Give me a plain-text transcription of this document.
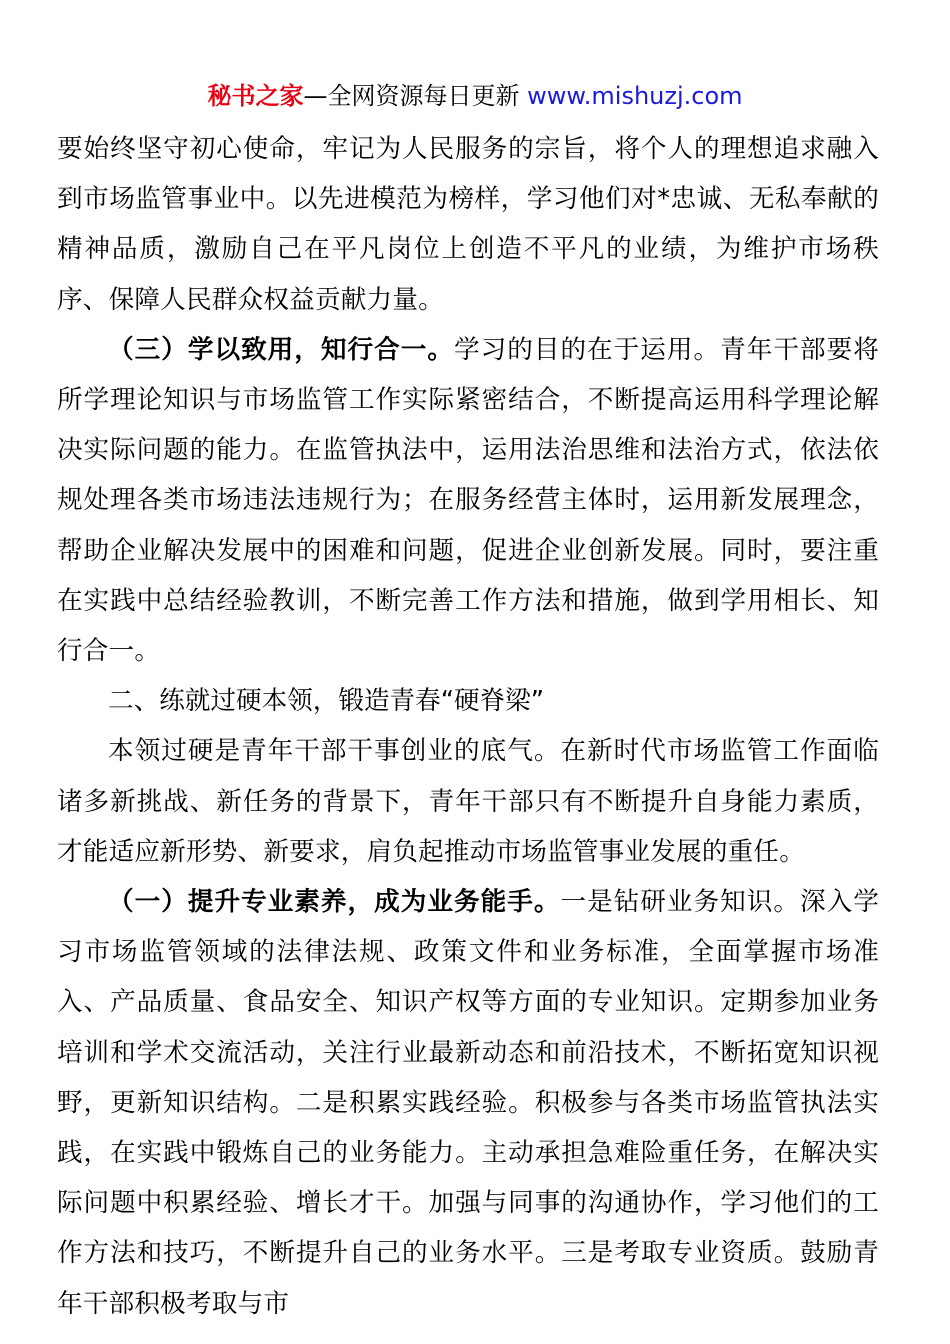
秘书之家—全网资源每日更新 www.mishuzj.com

要始终坚守初心使命，牢记为人民服务的宗旨，将个人的理想追求融入到市场监管事业中。以先进模范为榜样，学习他们对*忠诚、无私奉献的精神品质，激励自己在平凡岗位上创造不平凡的业绩，为维护市场秩序、保障人民群众权益贡献力量。

（三）学以致用，知行合一。学习的目的在于运用。青年干部要将所学理论知识与市场监管工作实际紧密结合，不断提高运用科学理论解决实际问题的能力。在监管执法中，运用法治思维和法治方式，依法依规处理各类市场违法违规行为；在服务经营主体时，运用新发展理念，帮助企业解决发展中的困难和问题，促进企业创新发展。同时，要注重在实践中总结经验教训，不断完善工作方法和措施，做到学用相长、知行合一。

二、练就过硬本领，锻造青春“硬脊梁”

本领过硬是青年干部干事创业的底气。在新时代市场监管工作面临诸多新挑战、新任务的背景下，青年干部只有不断提升自身能力素质，才能适应新形势、新要求，肩负起推动市场监管事业发展的重任。

（一）提升专业素养，成为业务能手。一是钻研业务知识。深入学习市场监管领域的法律法规、政策文件和业务标准，全面掌握市场准入、产品质量、食品安全、知识产权等方面的专业知识。定期参加业务培训和学术交流活动，关注行业最新动态和前沿技术，不断拓宽知识视野，更新知识结构。二是积累实践经验。积极参与各类市场监管执法实践，在实践中锻炼自己的业务能力。主动承担急难险重任务，在解决实际问题中积累经验、增长才干。加强与同事的沟通协作，学习他们的工作方法和技巧，不断提升自己的业务水平。三是考取专业资质。鼓励青年干部积极考取与市
